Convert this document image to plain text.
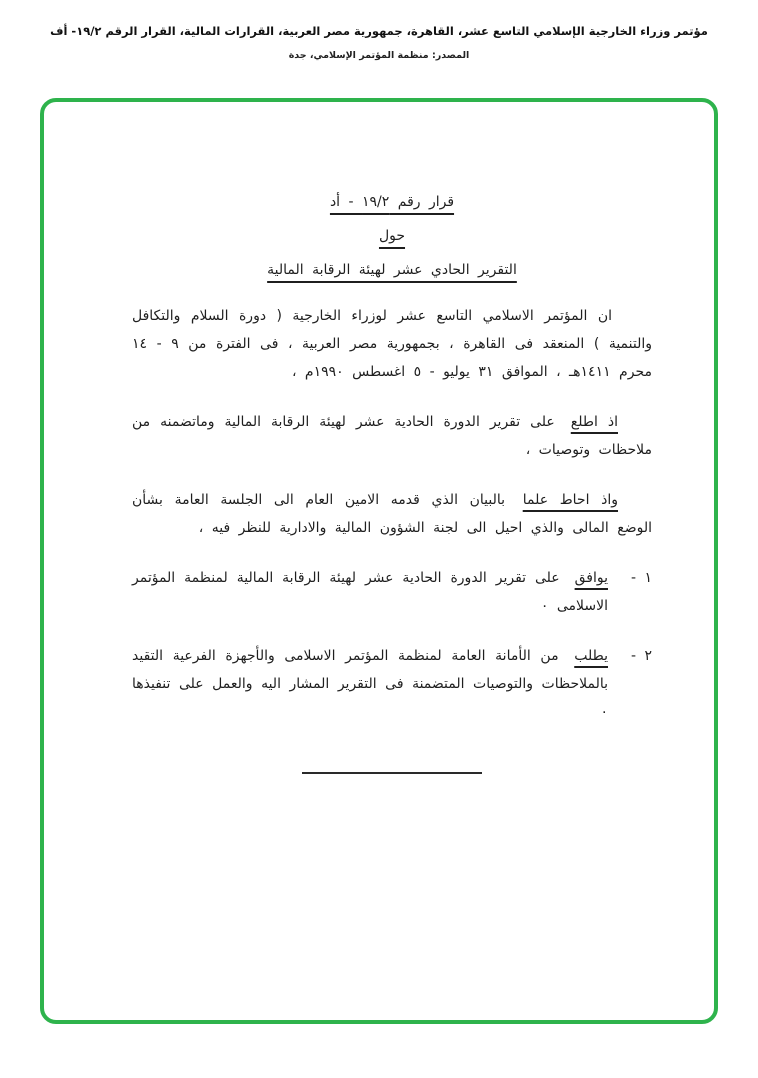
مؤتمر وزراء الخارجية الإسلامي التاسع عشر، القاهرة، جمهورية مصر العربية، القرارات المالية، القرار الرقم ١٩/٢- أف
المصدر: منظمة المؤتمر الإسلامي، جدة
قرار رقم ١٩/٢ - أد
حول
التقرير الحادي عشر لهيئة الرقابة المالية

ان المؤتمر الاسلامي التاسع عشر لوزراء الخارجية ( دورة السلام والتكافل والتنمية ) المنعقد فى القاهرة ، بجمهورية مصر العربية ، فى الفترة من ٩ - ١٤ محرم ١٤١١هـ ، الموافق ٣١ يوليو - ٥ اغسطس ١٩٩٠م ،

اذ اطلع على تقرير الدورة الحادية عشر لهيئة الرقابة المالية وماتضمنه من ملاحظات وتوصيات ،

واذ احاط علما بالبيان الذي قدمه الامين العام الى الجلسة العامة بشأن الوضع المالى والذي احيل الى لجنة الشؤون المالية والادارية للنظر فيه ،

١ -
يوافق على تقرير الدورة الحادية عشر لهيئة الرقابة المالية لمنظمة المؤتمر الاسلامى ٠
٢ -
يطلب من الأمانة العامة لمنظمة المؤتمر الاسلامى والأجهزة الفرعية التقيد بالملاحظات والتوصيات المتضمنة فى التقرير المشار اليه والعمل على تنفيذها ٠
